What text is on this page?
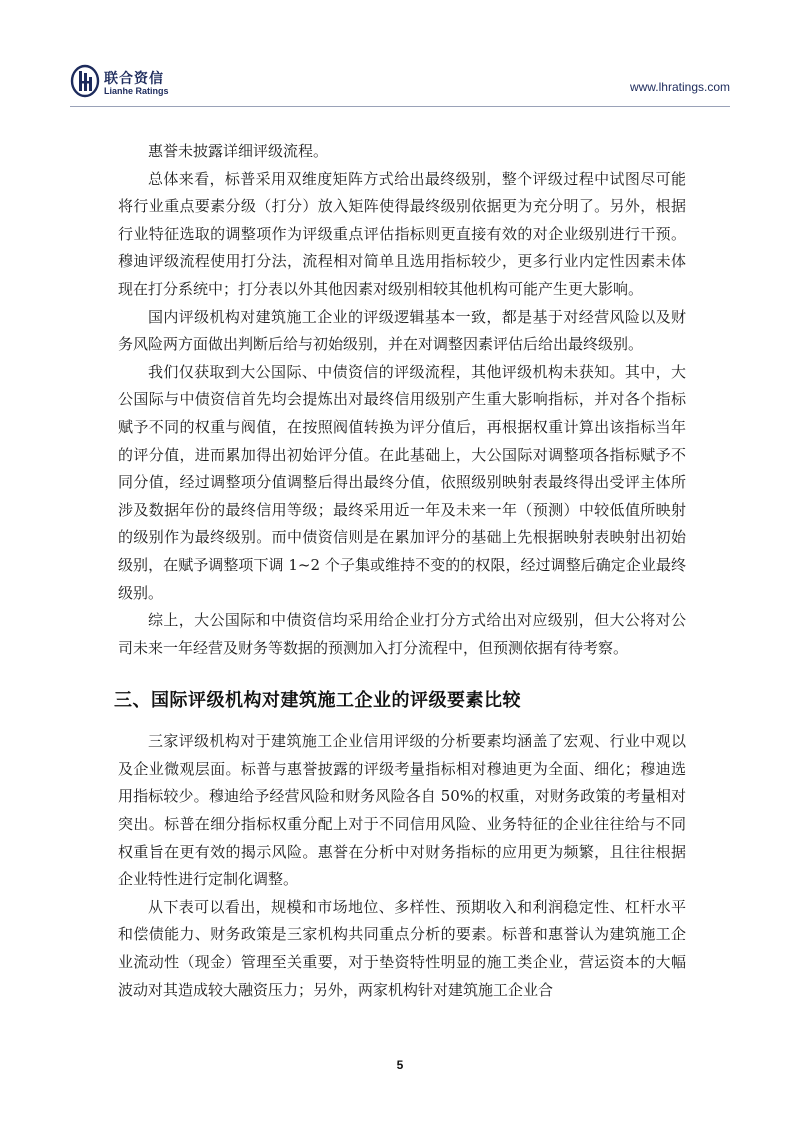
联合资信
Lianhe Ratings	www.lhratings.com

惠誉未披露详细评级流程。

总体来看，标普采用双维度矩阵方式给出最终级别，整个评级过程中试图尽可能将行业重点要素分级（打分）放入矩阵使得最终级别依据更为充分明了。另外，根据行业特征选取的调整项作为评级重点评估指标则更直接有效的对企业级别进行干预。穆迪评级流程使用打分法，流程相对简单且选用指标较少，更多行业内定性因素未体现在打分系统中；打分表以外其他因素对级别相较其他机构可能产生更大影响。

国内评级机构对建筑施工企业的评级逻辑基本一致，都是基于对经营风险以及财务风险两方面做出判断后给与初始级别，并在对调整因素评估后给出最终级别。

我们仅获取到大公国际、中债资信的评级流程，其他评级机构未获知。其中，大公国际与中债资信首先均会提炼出对最终信用级别产生重大影响指标，并对各个指标赋予不同的权重与阀值，在按照阀值转换为评分值后，再根据权重计算出该指标当年的评分值，进而累加得出初始评分值。在此基础上，大公国际对调整项各指标赋予不同分值，经过调整项分值调整后得出最终分值，依照级别映射表最终得出受评主体所涉及数据年份的最终信用等级；最终采用近一年及未来一年（预测）中较低值所映射的级别作为最终级别。而中债资信则是在累加评分的基础上先根据映射表映射出初始级别，在赋予调整项下调 1~2 个子集或维持不变的的权限，经过调整后确定企业最终级别。

综上，大公国际和中债资信均采用给企业打分方式给出对应级别，但大公将对公司未来一年经营及财务等数据的预测加入打分流程中，但预测依据有待考察。

三、国际评级机构对建筑施工企业的评级要素比较

三家评级机构对于建筑施工企业信用评级的分析要素均涵盖了宏观、行业中观以及企业微观层面。标普与惠誉披露的评级考量指标相对穆迪更为全面、细化；穆迪选用指标较少。穆迪给予经营风险和财务风险各自 50%的权重，对财务政策的考量相对突出。标普在细分指标权重分配上对于不同信用风险、业务特征的企业往往给与不同权重旨在更有效的揭示风险。惠誉在分析中对财务指标的应用更为频繁，且往往根据企业特性进行定制化调整。

从下表可以看出，规模和市场地位、多样性、预期收入和利润稳定性、杠杆水平和偿债能力、财务政策是三家机构共同重点分析的要素。标普和惠誉认为建筑施工企业流动性（现金）管理至关重要，对于垫资特性明显的施工类企业，营运资本的大幅波动对其造成较大融资压力；另外，两家机构针对建筑施工企业合

5
